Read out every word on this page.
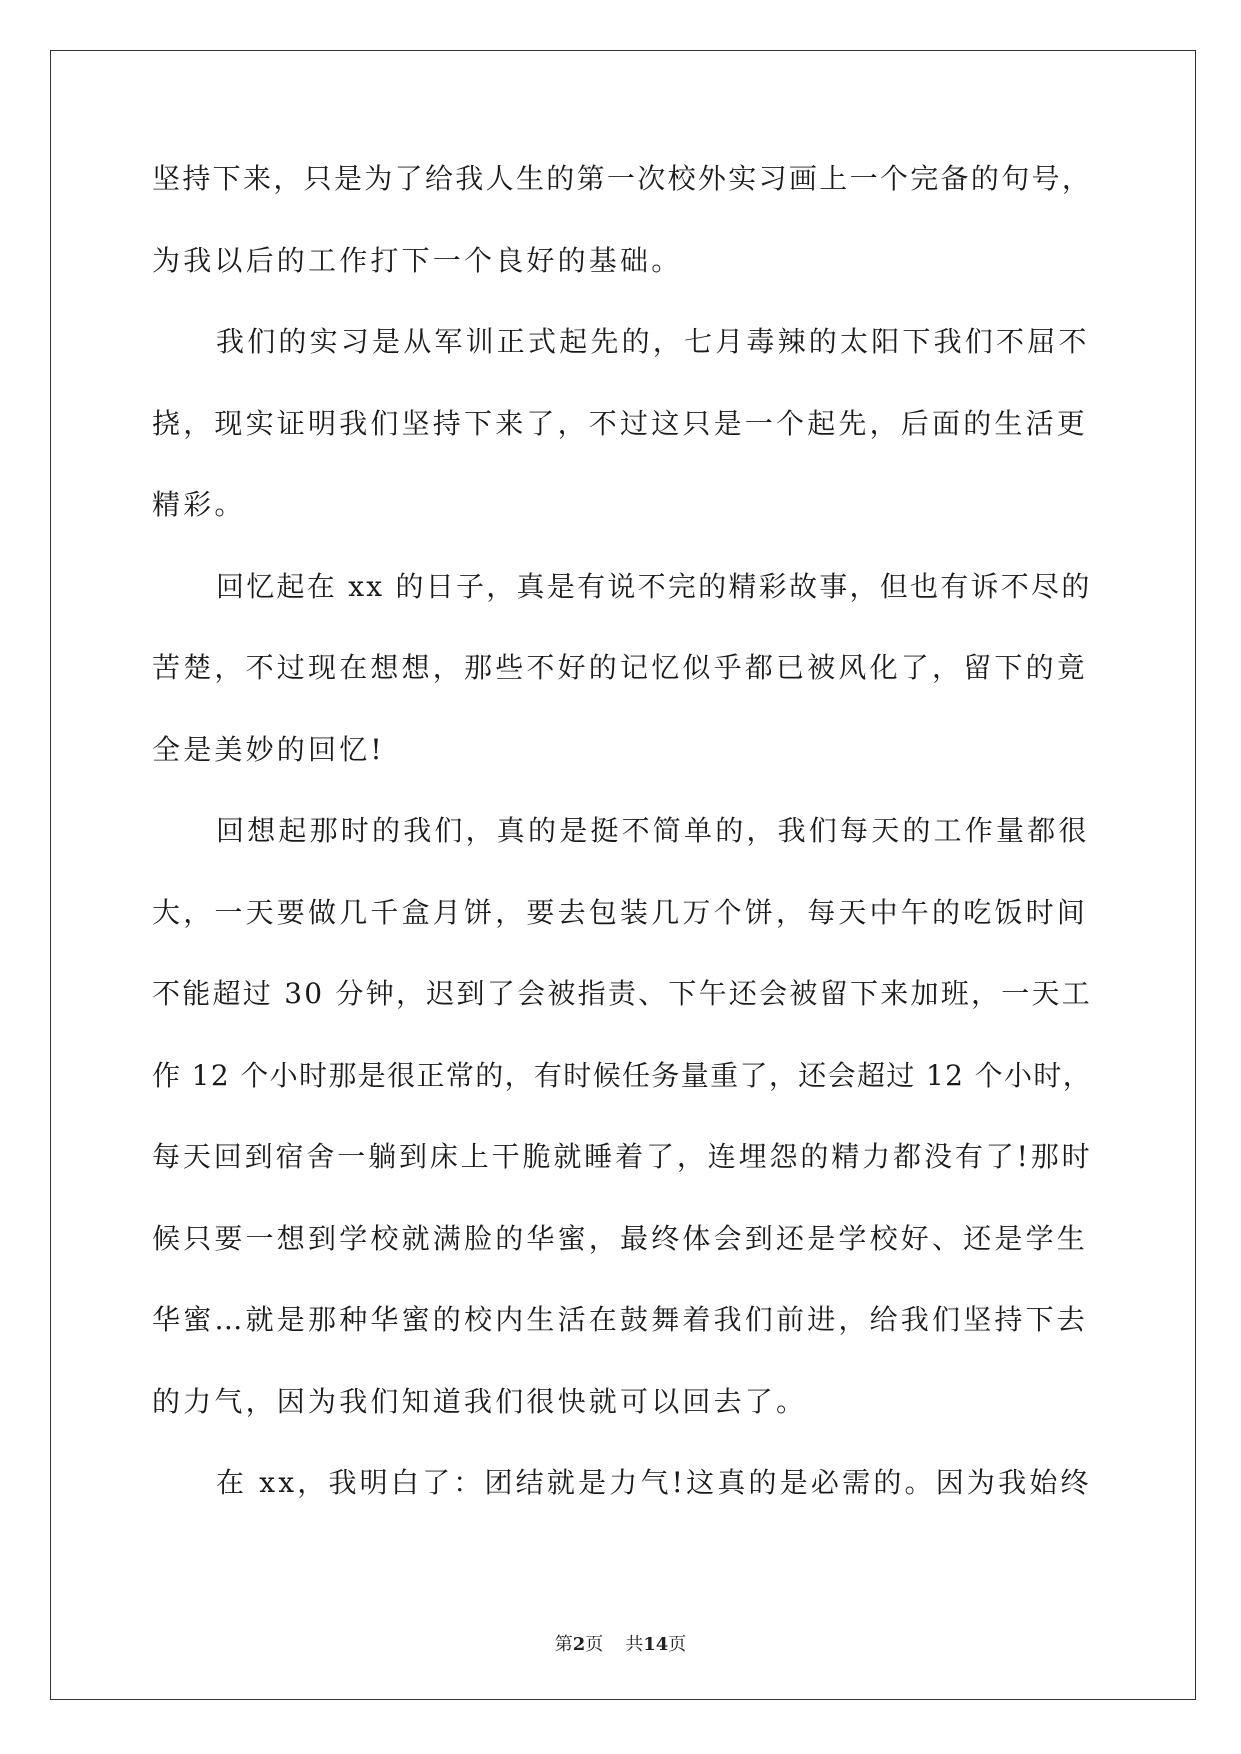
坚持下来，只是为了给我人生的第一次校外实习画上一个完备的句号，
为我以后的工作打下一个良好的基础。
我们的实习是从军训正式起先的，七月毒辣的太阳下我们不屈不
挠，现实证明我们坚持下来了，不过这只是一个起先，后面的生活更
精彩。
回忆起在 xx 的日子，真是有说不完的精彩故事，但也有诉不尽的
苦楚，不过现在想想，那些不好的记忆似乎都已被风化了，留下的竟
全是美妙的回忆!
回想起那时的我们，真的是挺不简单的，我们每天的工作量都很
大，一天要做几千盒月饼，要去包装几万个饼，每天中午的吃饭时间
不能超过 30 分钟，迟到了会被指责、下午还会被留下来加班，一天工
作 12 个小时那是很正常的，有时候任务量重了，还会超过 12 个小时，
每天回到宿舍一躺到床上干脆就睡着了，连埋怨的精力都没有了!那时
候只要一想到学校就满脸的华蜜，最终体会到还是学校好、还是学生
华蜜…就是那种华蜜的校内生活在鼓舞着我们前进，给我们坚持下去
的力气，因为我们知道我们很快就可以回去了。
在 xx，我明白了：团结就是力气!这真的是必需的。因为我始终
第2页 共14页
